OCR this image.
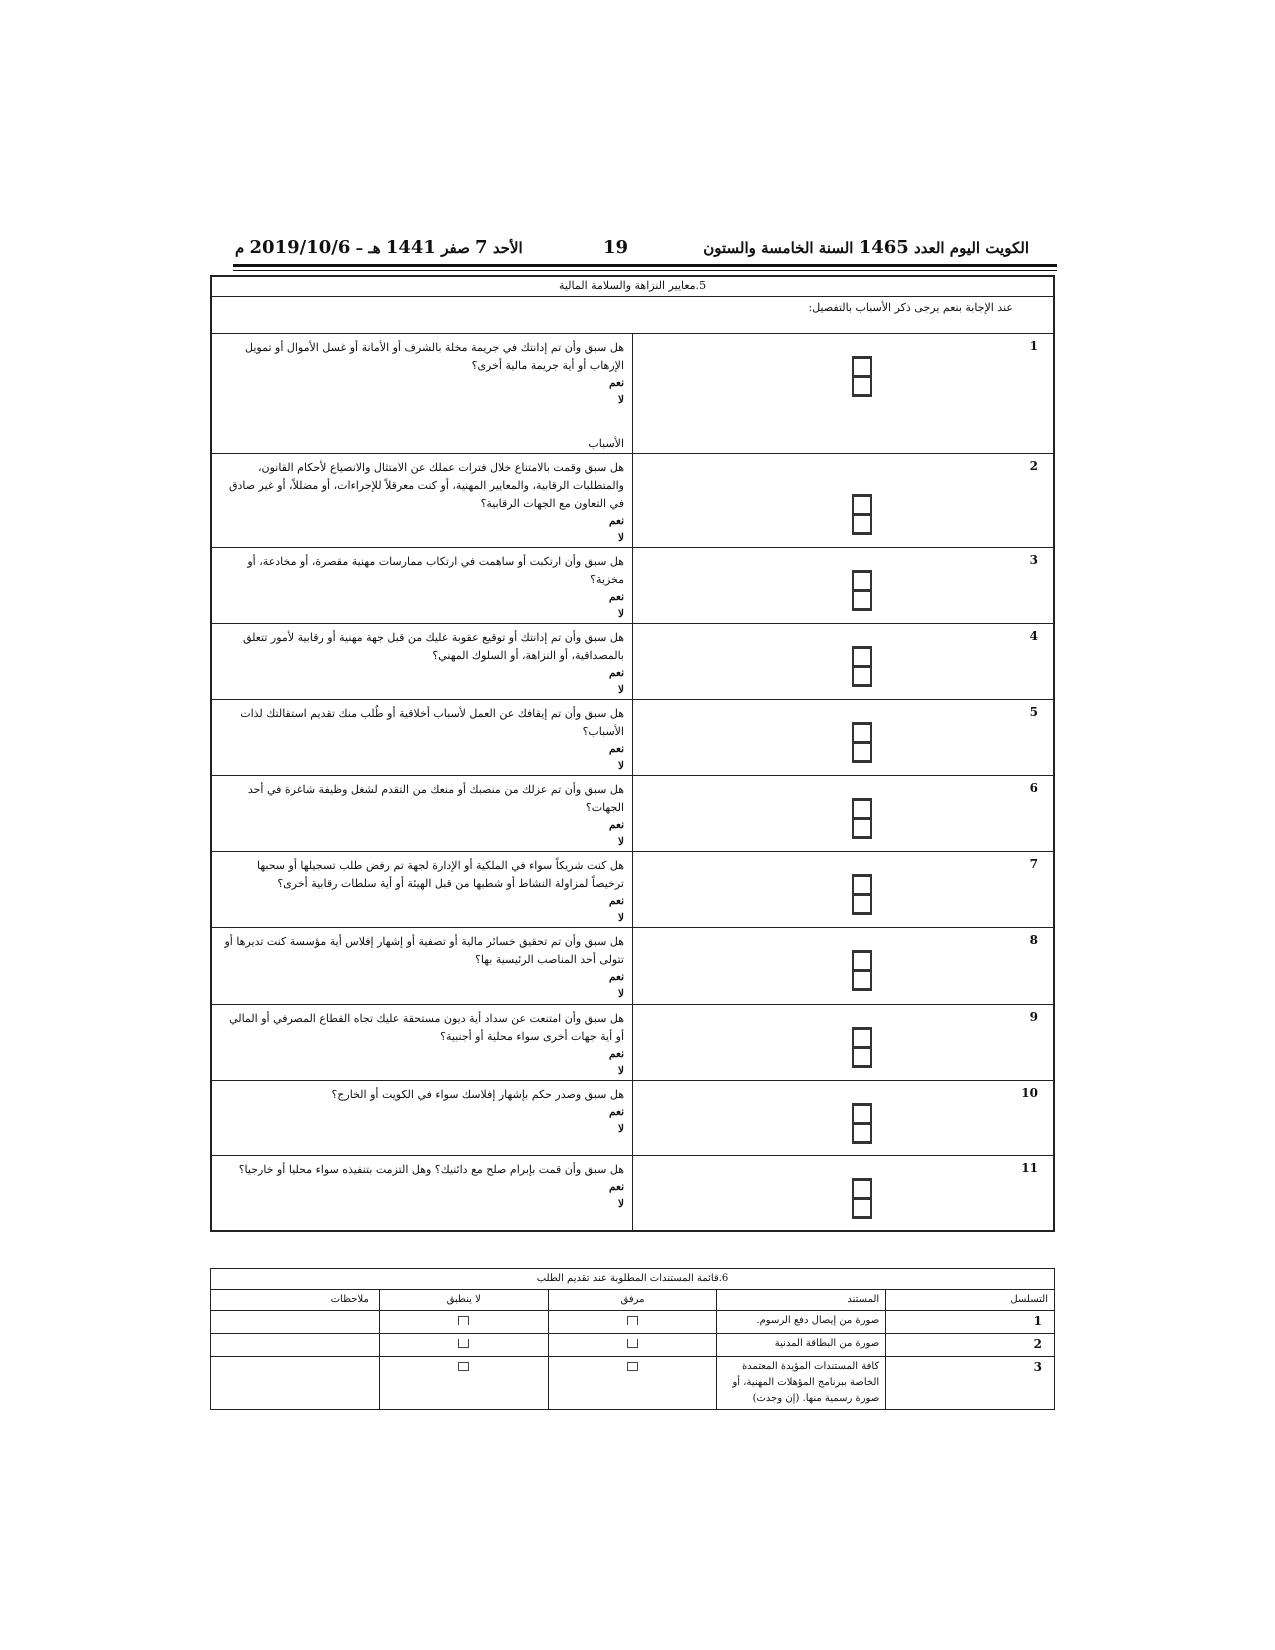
الكويت اليوم العدد 1465 السنة الخامسة والستون
19
الأحد 7 صفر 1441 هـ – 2019/10/6 م
5.معايير النزاهة والسلامة المالية	
عند الإجابة بنعم يرجى ذكر الأسباب بالتفصيل:	
1	هل سبق وأن تم إدانتك في جريمة مخلة بالشرف أو الأمانة أو غسل الأموال أو تمويل الإرهاب أو أية جريمة مالية أخرى؟
نعم
لا
الأسباب

2	هل سبق وقمت بالامتناع خلال فترات عملك عن الامتثال والانصياع لأحكام القانون، والمتطلبات الرقابية، والمعايير المهنية، أو كنت معرقلاً للإجراءات، أو مضللاً، أو غير صادق في التعاون مع الجهات الرقابية؟
نعم
لا

3	هل سبق وأن ارتكبت أو ساهمت في ارتكاب ممارسات مهنية مقصرة، أو مخادعة، أو مخزية؟
نعم
لا

4	هل سبق وأن تم إدانتك أو توقيع عقوبة عليك من قبل جهة مهنية أو رقابية لأمور تتعلق بالمصداقية، أو النزاهة، أو السلوك المهني؟
نعم
لا

5	هل سبق وأن تم إيقافك عن العمل لأسباب أخلاقية أو طُلب منك تقديم استقالتك لذات الأسباب؟
نعم
لا

6	هل سبق وأن تم عزلك من منصبك أو منعك من التقدم لشغل وظيفة شاغرة في أحد الجهات؟
نعم
لا

7	هل كنت شريكاً سواء في الملكية أو الإدارة لجهة تم رفض طلب تسجيلها أو سحبها ترخيصاً لمزاولة النشاط أو شطبها من قبل الهيئة أو أية سلطات رقابية أخرى؟
نعم
لا

8	هل سبق وأن تم تحقيق خسائر مالية أو تصفية أو إشهار إفلاس أية مؤسسة كنت تديرها أو تتولى أحد المناصب الرئيسية بها؟
نعم
لا

9	هل سبق وأن امتنعت عن سداد أية ديون مستحقة عليك تجاه القطاع المصرفي أو المالي أو أية جهات أخرى سواء محلية أو أجنبية؟
نعم
لا

10	هل سبق وصدر حكم بإشهار إفلاسك سواء في الكويت أو الخارج؟
نعم
لا

11	هل سبق وأن قمت بإبرام صلح مع دائنيك؟ وهل التزمت بتنفيذه سواء محليا أو خارجيا؟
نعم
لا
6.قائمة المستندات المطلوبة عند تقديم الطلب				
التسلسل	المستند	مرفق	لا ينطبق	ملاحظات
1	صورة من إيصال دفع الرسوم.			
2	صورة من البطاقة المدنية			
3	كافة المستندات المؤيدة المعتمدة الخاصة ببرنامج المؤهلات المهنية، أو صورة رسمية منها. (إن وجدت)			
